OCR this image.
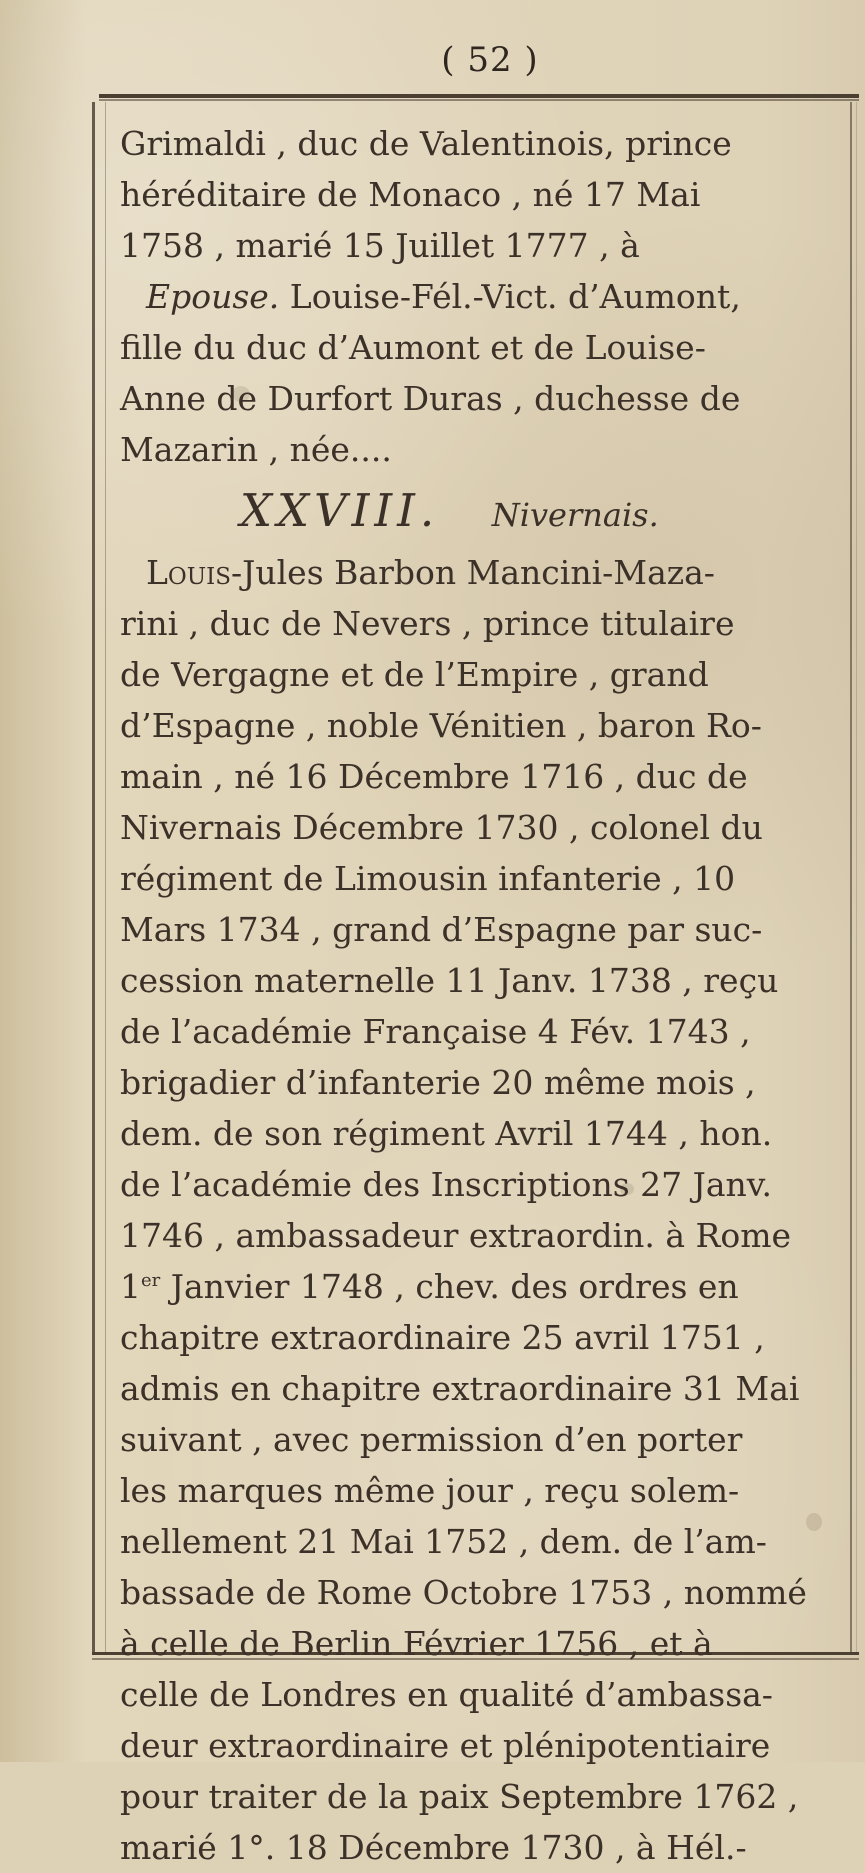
( 52 )
Grimaldi , duc de Valentinois, prince
héréditaire de Monaco , né 17 Mai
1758 , marié 15 Juillet 1777 , à
Epouse. Louise-Fél.-Vict. d’Aumont,
fille du duc d’Aumont et de Louise-
Anne de Durfort Duras , duchesse de
Mazarin , née....
XXVIII. Nivernais.
Louis-Jules Barbon Mancini-Maza-
rini , duc de Nevers , prince titulaire
de Vergagne et de l’Empire , grand
d’Espagne , noble Vénitien , baron Ro-
main , né 16 Décembre 1716 , duc de
Nivernais Décembre 1730 , colonel du
régiment de Limousin infanterie , 10
Mars 1734 , grand d’Espagne par suc-
cession maternelle 11 Janv. 1738 , reçu
de l’académie Française 4 Fév. 1743 ,
brigadier d’infanterie 20 même mois ,
dem. de son régiment Avril 1744 , hon.
de l’académie des Inscriptions 27 Janv.
1746 , ambassadeur extraordin. à Rome
1er Janvier 1748 , chev. des ordres en
chapitre extraordinaire 25 avril 1751 ,
admis en chapitre extraordinaire 31 Mai
suivant , avec permission d’en porter
les marques même jour , reçu solem-
nellement 21 Mai 1752 , dem. de l’am-
bassade de Rome Octobre 1753 , nommé
à celle de Berlin Février 1756 , et à
celle de Londres en qualité d’ambassa-
deur extraordinaire et plénipotentiaire
pour traiter de la paix Septembre 1762 ,
marié 1°. 18 Décembre 1730 , à Hél.-
